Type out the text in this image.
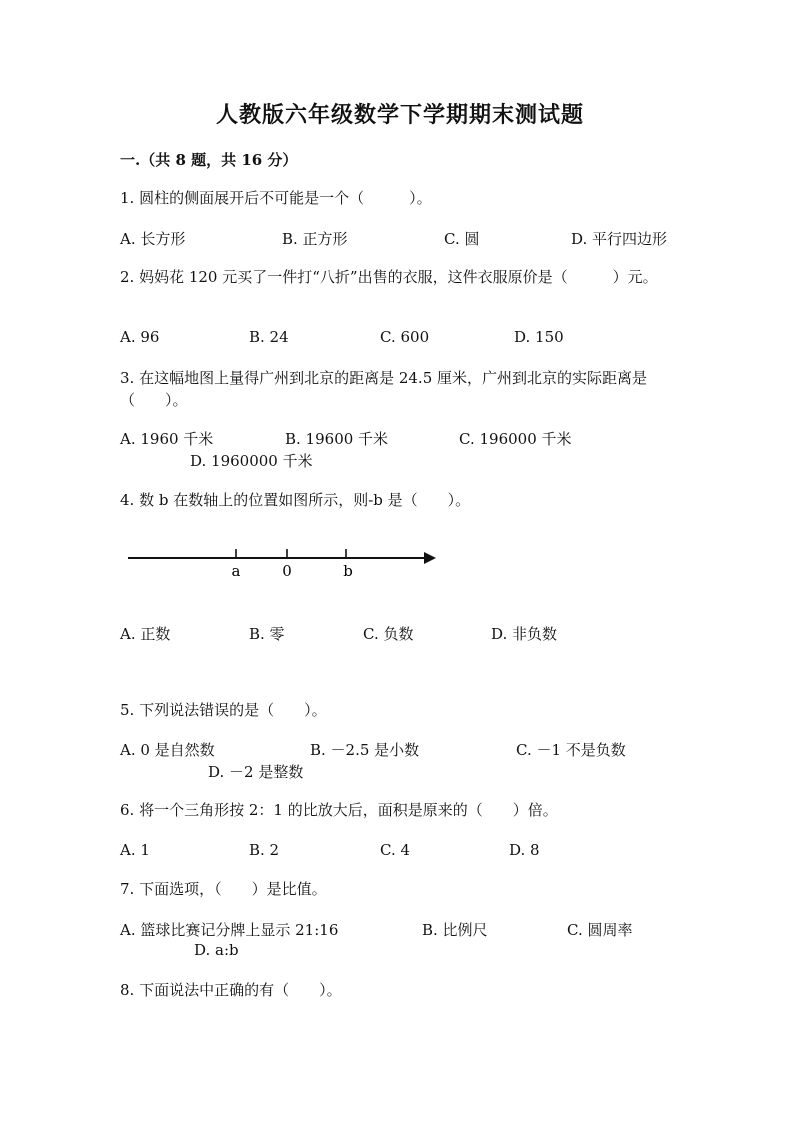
人教版六年级数学下学期期末测试题
一.（共 8 题，共 16 分）
1. 圆柱的侧面展开后不可能是一个（　　　）。
A. 长方形	B. 正方形	C. 圆	D. 平行四边形
2. 妈妈花 120 元买了一件打“八折”出售的衣服，这件衣服原价是（　　　）元。
A. 96	B. 24	C. 600	D. 150
3. 在这幅地图上量得广州到北京的距离是 24.5 厘米，广州到北京的实际距离是（　　）。
A. 1960 千米	B. 19600 千米	C. 196000 千米
D. 1960000 千米
4. 数 b 在数轴上的位置如图所示，则-b 是（　　）。
a	0	b
A. 正数	B. 零	C. 负数	D. 非负数
5. 下列说法错误的是（　　）。
A. 0 是自然数	B. －2.5 是小数	C. －1 不是负数
D. －2 是整数
6. 将一个三角形按 2：1 的比放大后，面积是原来的（　　）倍。
A. 1	B. 2	C. 4	D. 8
7. 下面选项，（　　）是比值。
A. 篮球比赛记分牌上显示 21:16	B. 比例尺	C. 圆周率
D. a:b
8. 下面说法中正确的有（　　）。
